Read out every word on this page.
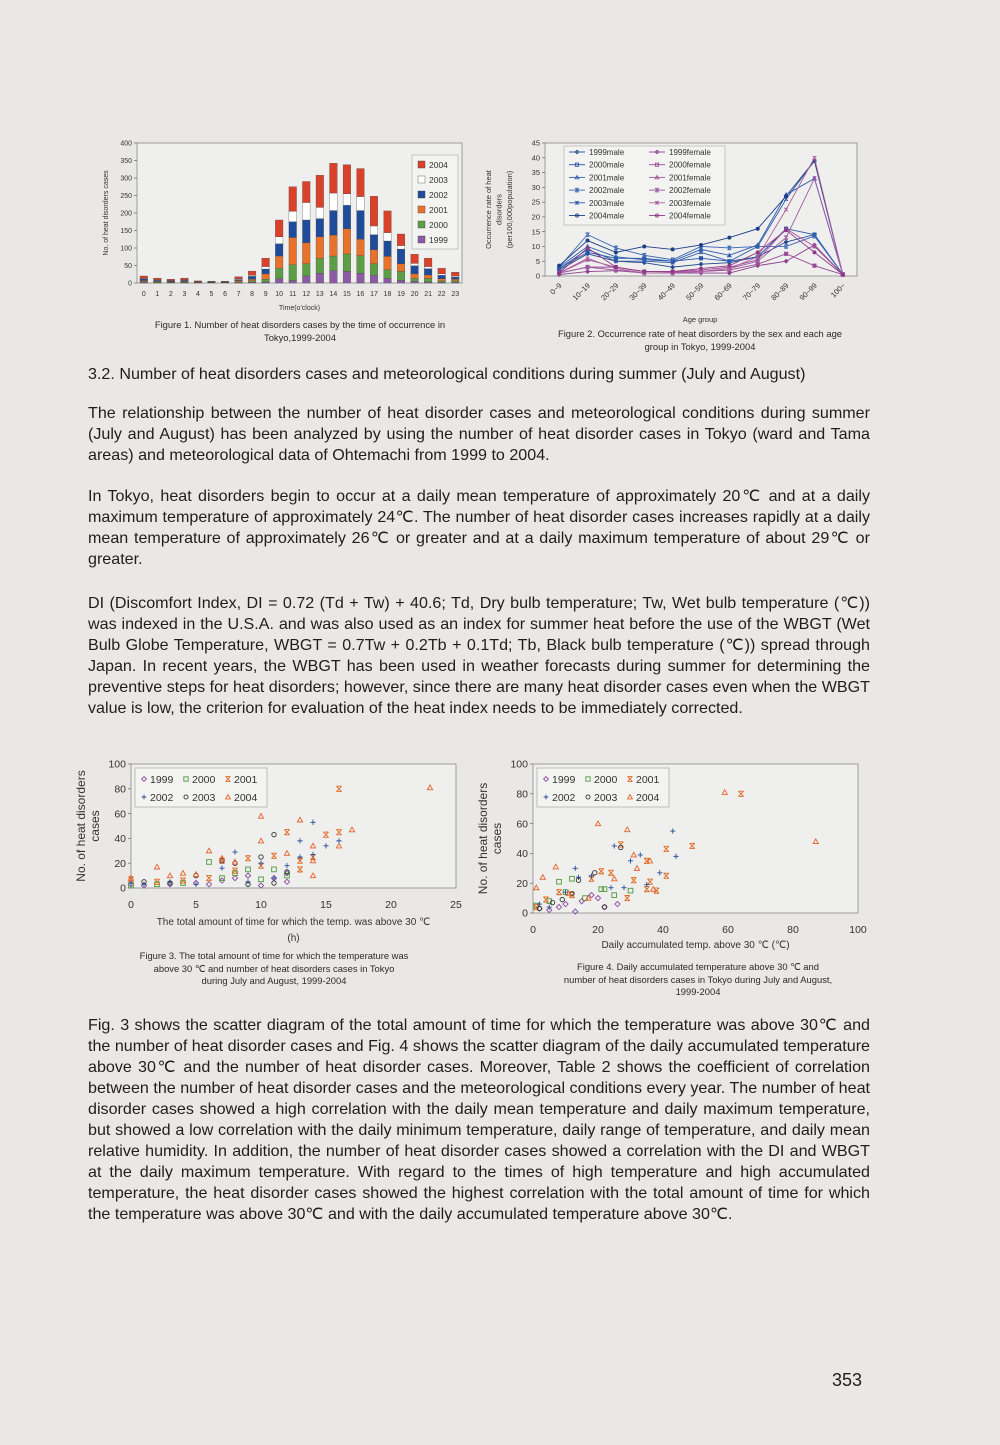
0
50
100
150
200
250
300
350
400
0 1 2 3 4 5 6 7 8 9 10 11 12 13 14 15 16 17 18 19 20 21 22 23
Time(o'clock)
No. of heat disorders cases
2004
2003
2002
2001
2000
1999
0
5
10
15
20
25
30
35
40
45
0~9 10~19 20~29 30~39 40~49 50~59 60~69 70~79 80~89 90~99 100~
Age group
Occurrence rate of heat disorders (per100,000population)
1999male
2000male
2001male
2002male
2003male
2004male
1999female
2000female
2001female
2002female
2003female
2004female
0
20
40
60
80
100
0	5	10	15	20	25
The total amount of time for which the temp. was above 30 ℃
(h)
No. of heat disorders cases
1999 2000 2001
2002 2003 2004
0
20
40
60
80
100
0	20	40	60	80	100
Daily accumulated temp. above 30 ℃ (℃)
No. of heat disorders cases
1999 2000 2001
2002 2003 2004
Figure 1. Number of heat disorders cases by the time of occurrence in
Tokyo,1999-2004	Figure 2. Occurrence rate of heat disorders by the sex and each age
group in Tokyo, 1999-2004
3.2. Number of heat disorders cases and meteorological conditions during summer (July and August)
The relationship between the number of heat disorder cases and meteorological conditions during summer (July and August) has been analyzed by using the number of heat disorder cases in Tokyo (ward and Tama areas) and meteorological data of Ohtemachi from 1999 to 2004.
In Tokyo, heat disorders begin to occur at a daily mean temperature of approximately 20℃ and at a daily maximum temperature of approximately 24℃. The number of heat disorder cases increases rapidly at a daily mean temperature of approximately 26℃ or greater and at a daily maximum temperature of about 29℃ or greater.
DI (Discomfort Index, DI = 0.72 (Td + Tw) + 40.6; Td, Dry bulb temperature; Tw, Wet bulb temperature (℃)) was indexed in the U.S.A. and was also used as an index for summer heat before the use of the WBGT (Wet Bulb Globe Temperature, WBGT = 0.7Tw + 0.2Tb + 0.1Td; Tb, Black bulb temperature (℃)) spread through Japan. In recent years, the WBGT has been used in weather forecasts during summer for determining the preventive steps for heat disorders; however, since there are many heat disorder cases even when the WBGT value is low, the criterion for evaluation of the heat index needs to be immediately corrected.
Figure 3. The total amount of time for which the temperature was
above 30 ℃ and number of heat disorders cases in Tokyo
during July and August, 1999-2004
Figure 4. Daily accumulated temperature above 30 ℃ and
number of heat disorders cases in Tokyo during July and August,
1999-2004
Fig. 3 shows the scatter diagram of the total amount of time for which the temperature was above 30℃ and the number of heat disorder cases and Fig. 4 shows the scatter diagram of the daily accumulated temperature above 30℃ and the number of heat disorder cases. Moreover, Table 2 shows the coefficient of correlation between the number of heat disorder cases and the meteorological conditions every year. The number of heat disorder cases showed a high correlation with the daily mean temperature and daily maximum temperature, but showed a low correlation with the daily minimum temperature, daily range of temperature, and daily mean relative humidity. In addition, the number of heat disorder cases showed a correlation with the DI and WBGT at the daily maximum temperature. With regard to the times of high temperature and high accumulated temperature, the heat disorder cases showed the highest correlation with the total amount of time for which the temperature was above 30℃ and with the daily accumulated temperature above 30℃.
353
